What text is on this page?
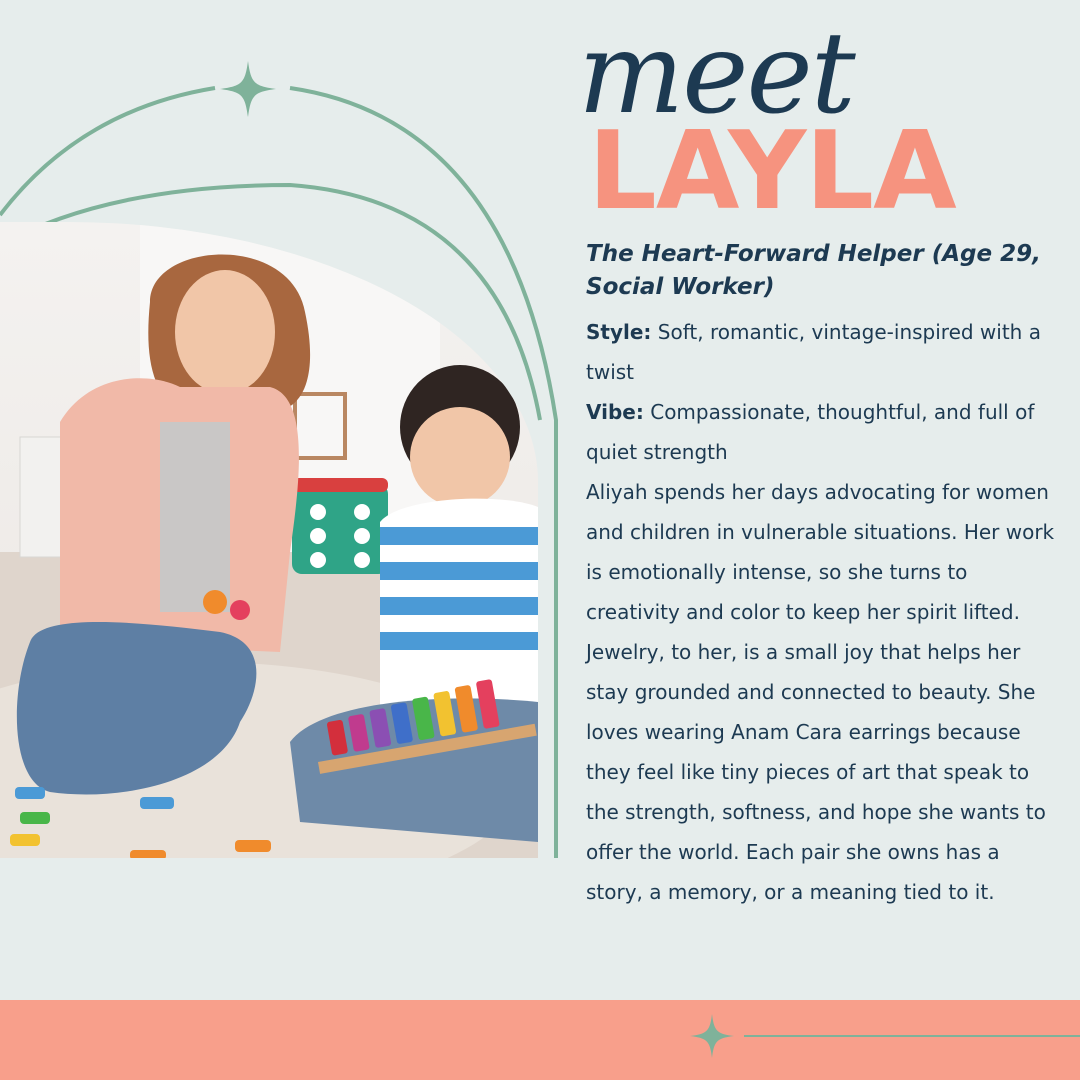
meet
LAYLA
The Heart-Forward Helper (Age 29, Social Worker)

Style: Soft, romantic, vintage-inspired with a twist

Vibe: Compassionate, thoughtful, and full of quiet strength

Aliyah spends her days advocating for women and children in vulnerable situations. Her work is emotionally intense, so she turns to creativity and color to keep her spirit lifted. Jewelry, to her, is a small joy that helps her stay grounded and connected to beauty. She loves wearing Anam Cara earrings because they feel like tiny pieces of art that speak to the strength, softness, and hope she wants to offer the world. Each pair she owns has a story, a memory, or a meaning tied to it.
